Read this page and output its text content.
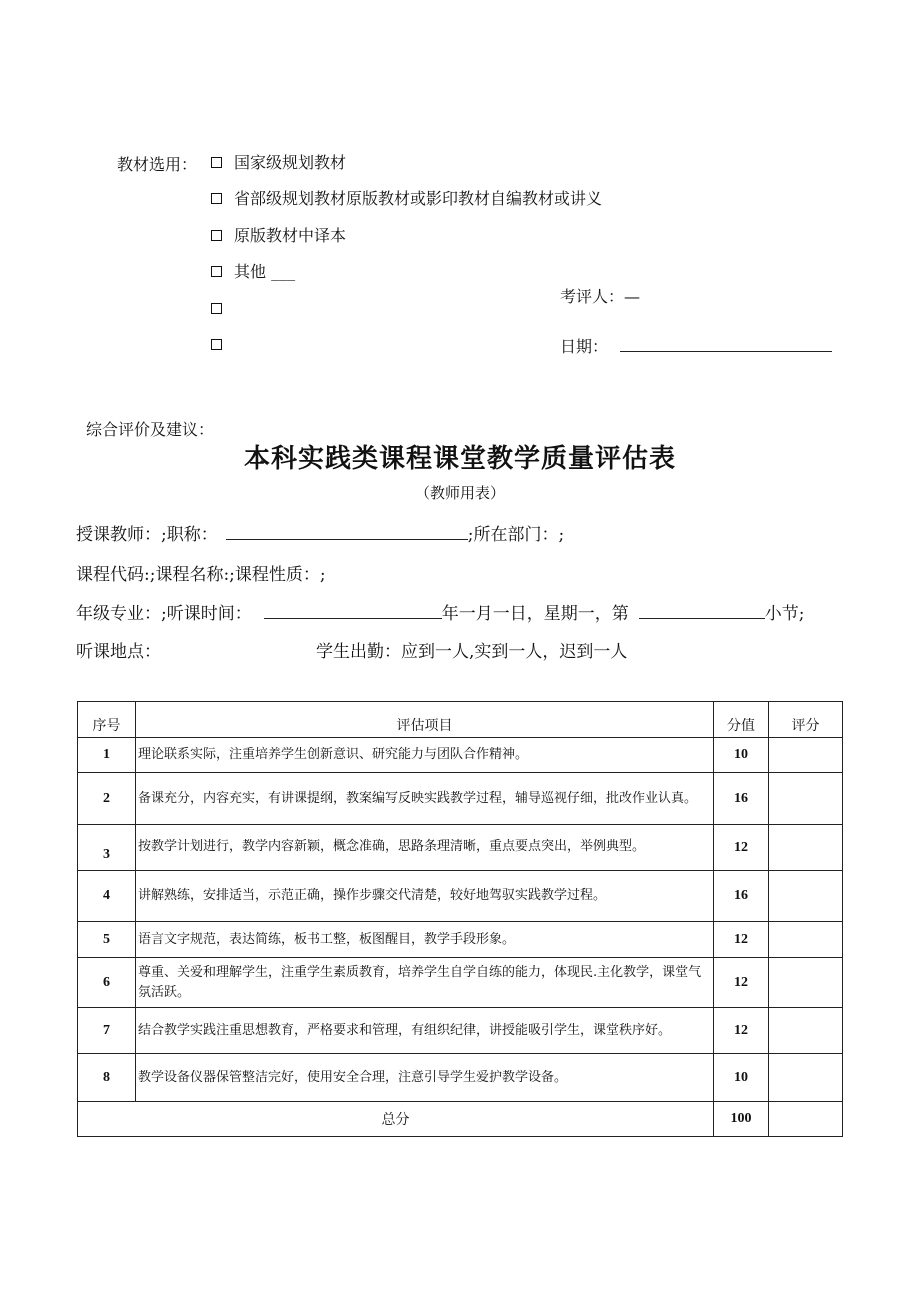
教材选用： 国家级规划教材
省部级规划教材原版教材或影印教材自编教材或讲义
原版教材中译本
其他 ___
考评人：—
日期：
综合评价及建议：
本科实践类课程课堂教学质量评估表
（教师用表）
授课教师：;职称：	;所在部门：;
课程代码:;课程名称:;课程性质：;
年级专业：;听课时间：	年一月一日，星期一，第	小节;
听课地点：	学生出勤：应到一人,实到一人，迟到一人
序号	评估项目	分值	评分
1	理论联系实际，注重培养学生创新意识、研究能力与团队合作精神。	10	
2	备课充分，内容充实，有讲课提纲，教案编写反映实践教学过程，辅导巡视仔细，批改作业认真。	16	
3	按教学计划进行，教学内容新颖，概念准确，思路条理清晰，重点要点突出，举例典型。	12	
4	讲解熟练，安排适当，示范正确，操作步骤交代清楚，较好地驾驭实践教学过程。	16	
5	语言文字规范，表达简练，板书工整，板图醒目，教学手段形象。	12	
6	尊重、关爱和理解学生，注重学生素质教育，培养学生自学自练的能力，体现民.主化教学，课堂气氛活跃。	12	
7	结合教学实践注重思想教育，严格要求和管理，有组织纪律，讲授能吸引学生，课堂秩序好。	12	
8	教学设备仪器保管整洁完好，使用安全合理，注意引导学生爱护教学设备。	10	
总分		100	
